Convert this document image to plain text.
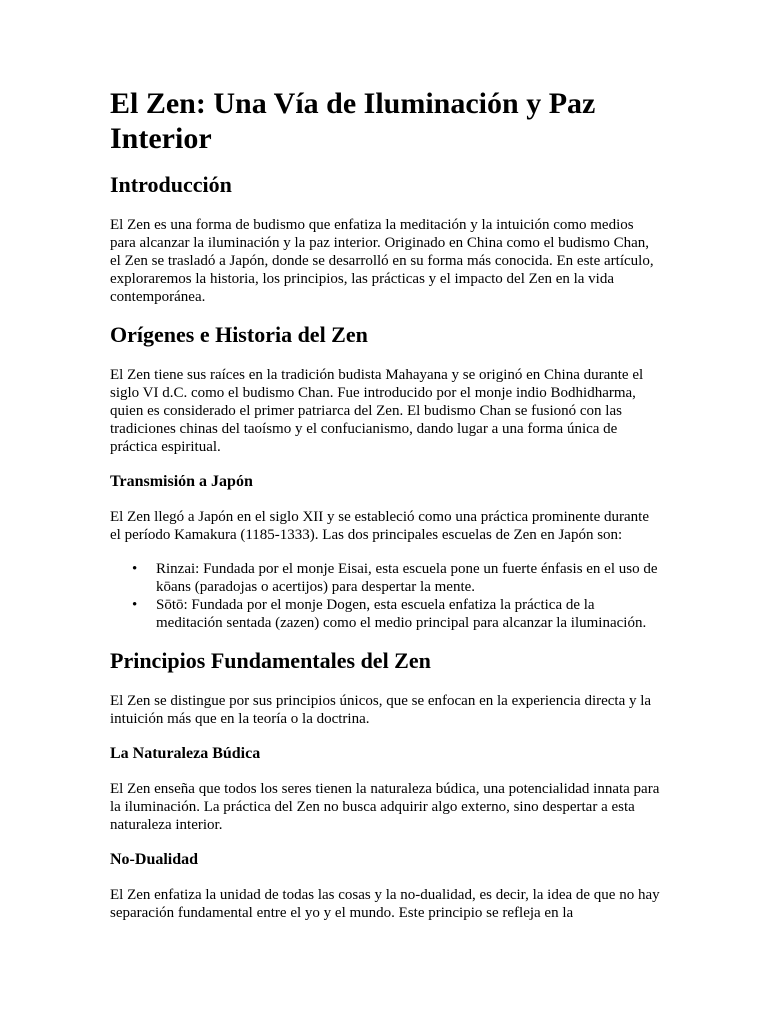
El Zen: Una Vía de Iluminación y Paz Interior
Introducción

El Zen es una forma de budismo que enfatiza la meditación y la intuición como medios para alcanzar la iluminación y la paz interior. Originado en China como el budismo Chan, el Zen se trasladó a Japón, donde se desarrolló en su forma más conocida. En este artículo, exploraremos la historia, los principios, las prácticas y el impacto del Zen en la vida contemporánea.

Orígenes e Historia del Zen

El Zen tiene sus raíces en la tradición budista Mahayana y se originó en China durante el siglo VI d.C. como el budismo Chan. Fue introducido por el monje indio Bodhidharma, quien es considerado el primer patriarca del Zen. El budismo Chan se fusionó con las tradiciones chinas del taoísmo y el confucianismo, dando lugar a una forma única de práctica espiritual.

Transmisión a Japón

El Zen llegó a Japón en el siglo XII y se estableció como una práctica prominente durante el período Kamakura (1185-1333). Las dos principales escuelas de Zen en Japón son:

• Rinzai: Fundada por el monje Eisai, esta escuela pone un fuerte énfasis en el uso de kōans (paradojas o acertijos) para despertar la mente.
• Sōtō: Fundada por el monje Dogen, esta escuela enfatiza la práctica de la meditación sentada (zazen) como el medio principal para alcanzar la iluminación.
Principios Fundamentales del Zen

El Zen se distingue por sus principios únicos, que se enfocan en la experiencia directa y la intuición más que en la teoría o la doctrina.

La Naturaleza Búdica

El Zen enseña que todos los seres tienen la naturaleza búdica, una potencialidad innata para la iluminación. La práctica del Zen no busca adquirir algo externo, sino despertar a esta naturaleza interior.

No-Dualidad

El Zen enfatiza la unidad de todas las cosas y la no-dualidad, es decir, la idea de que no hay separación fundamental entre el yo y el mundo. Este principio se refleja en la
